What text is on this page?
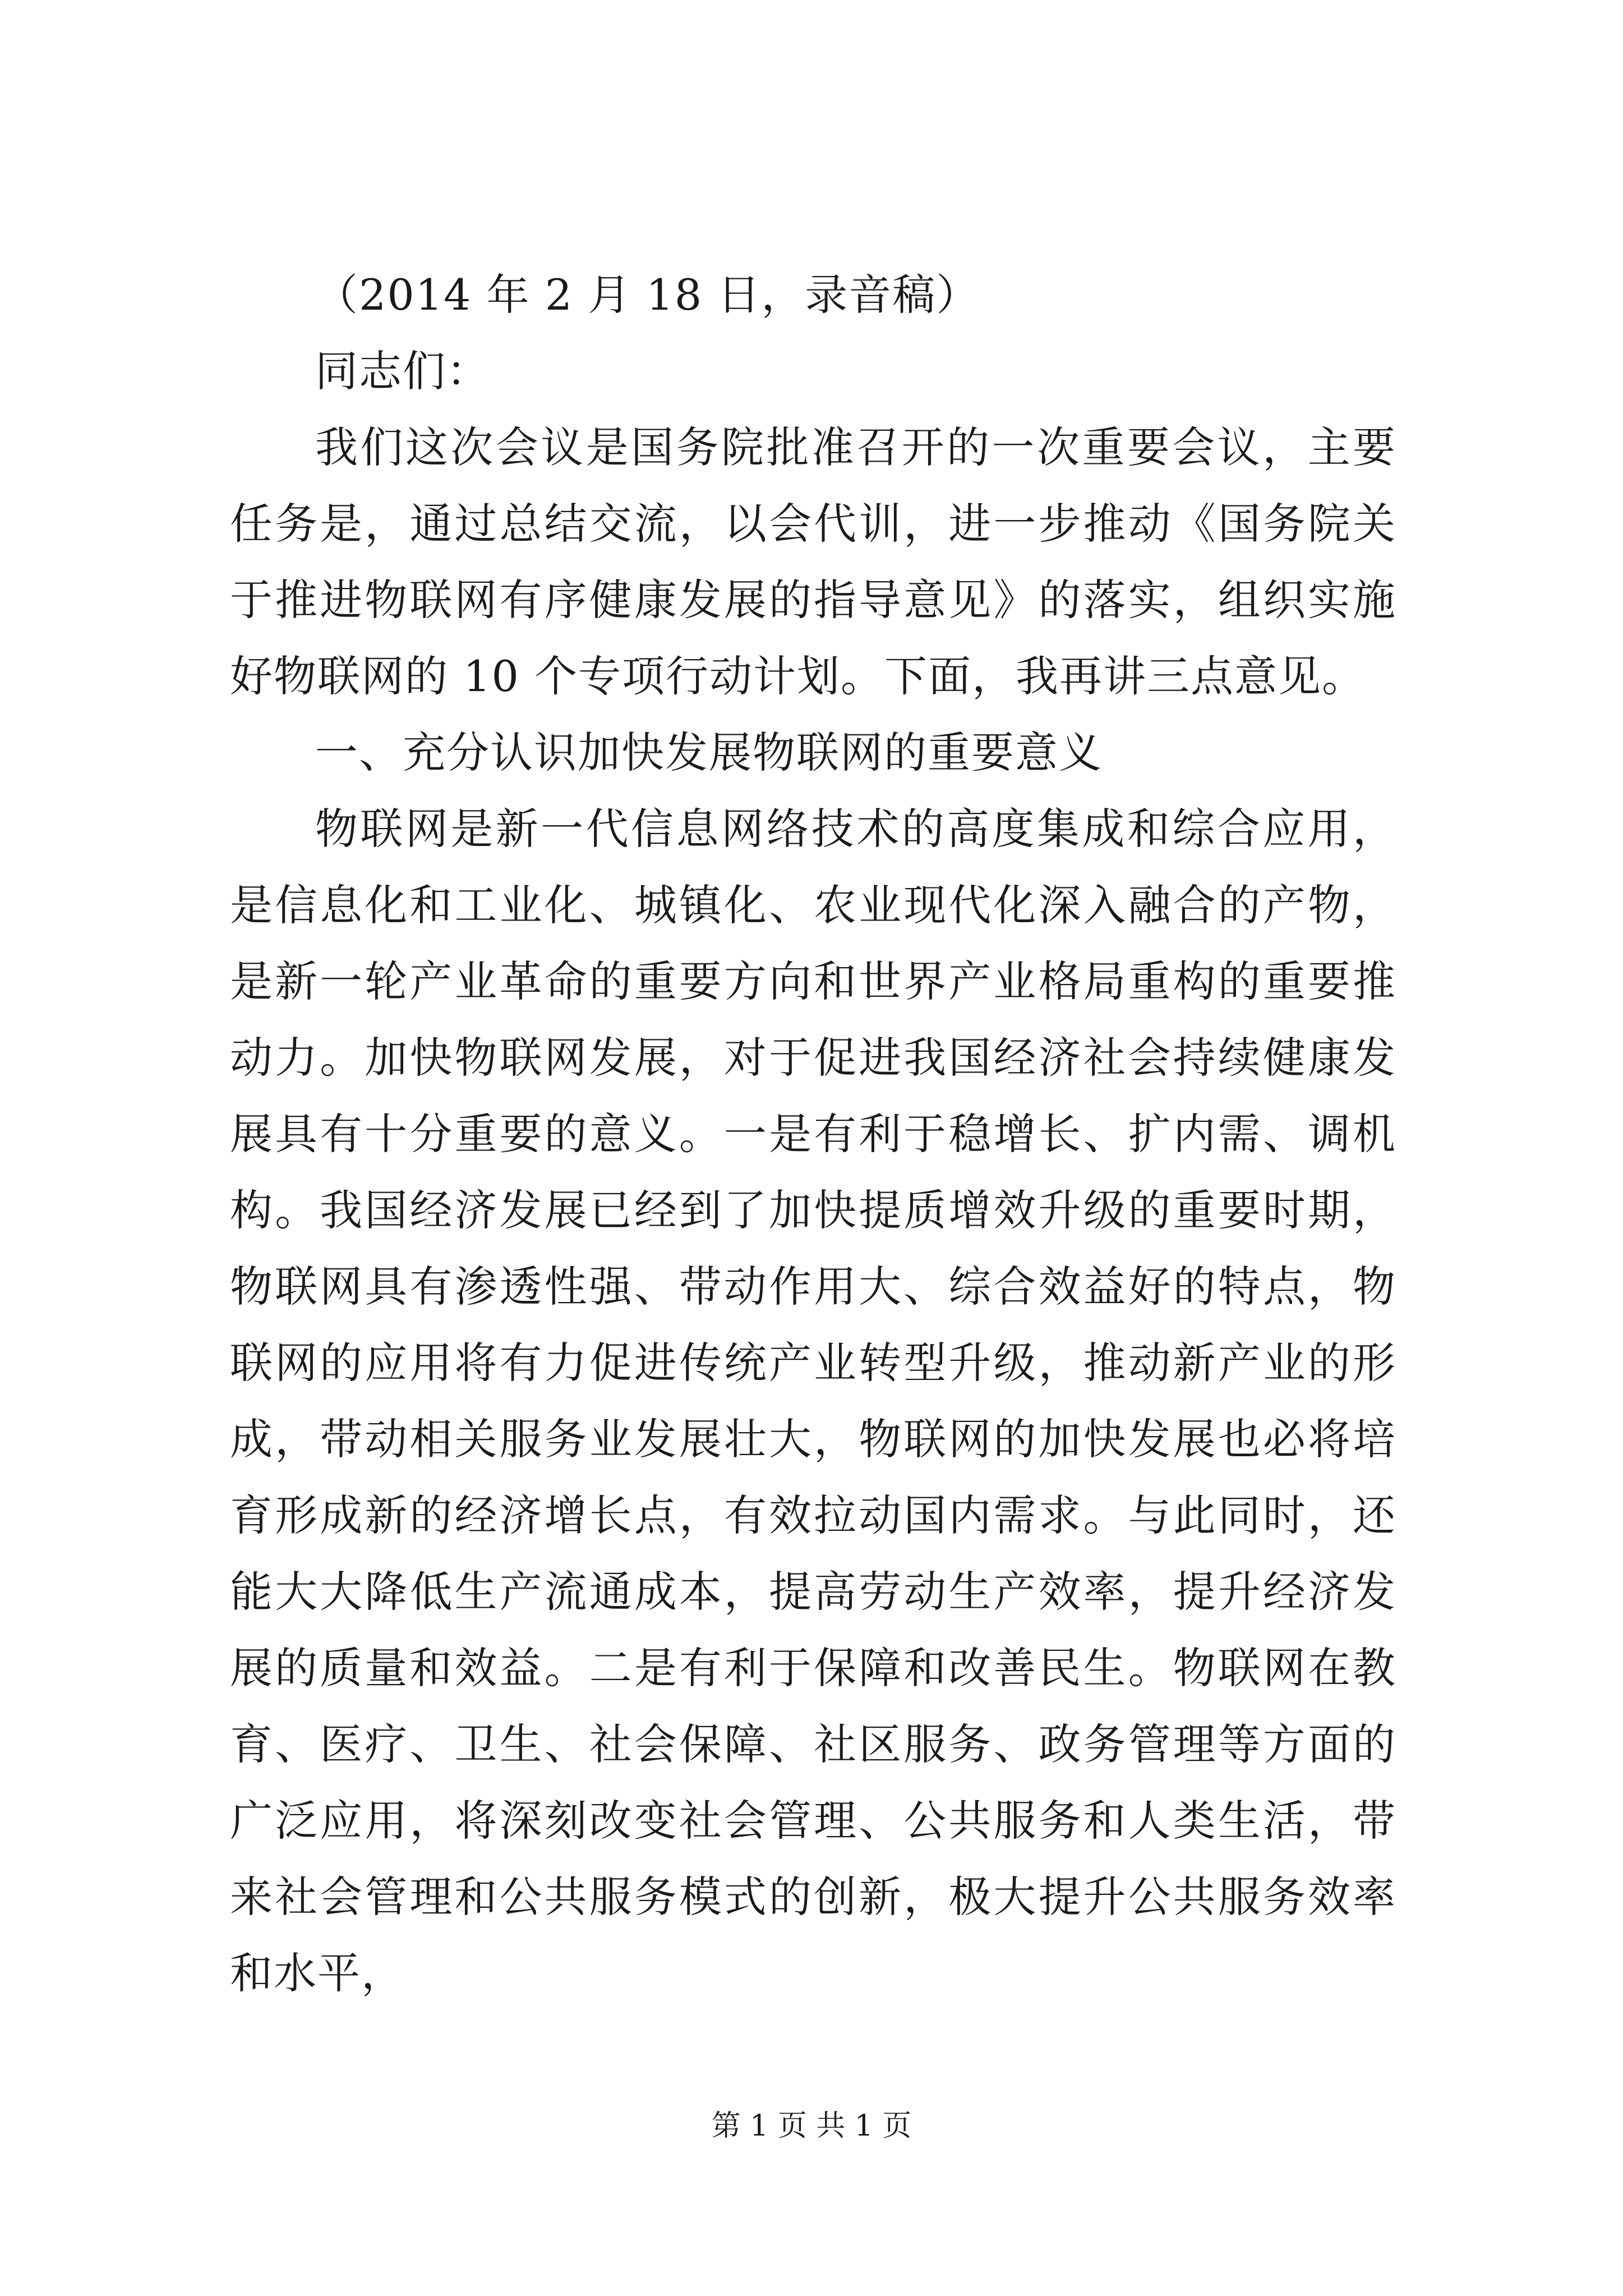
（2014 年 2 月 18 日，录音稿）

同志们：

我们这次会议是国务院批准召开的一次重要会议，主要任务是，通过总结交流，以会代训，进一步推动《国务院关于推进物联网有序健康发展的指导意见》的落实，组织实施好物联网的 10 个专项行动计划。下面，我再讲三点意见。

一、充分认识加快发展物联网的重要意义

物联网是新一代信息网络技术的高度集成和综合应用，是信息化和工业化、城镇化、农业现代化深入融合的产物，是新一轮产业革命的重要方向和世界产业格局重构的重要推动力。加快物联网发展，对于促进我国经济社会持续健康发展具有十分重要的意义。一是有利于稳增长、扩内需、调机构。我国经济发展已经到了加快提质增效升级的重要时期，物联网具有渗透性强、带动作用大、综合效益好的特点，物联网的应用将有力促进传统产业转型升级，推动新产业的形成，带动相关服务业发展壮大，物联网的加快发展也必将培育形成新的经济增长点，有效拉动国内需求。与此同时，还能大大降低生产流通成本，提高劳动生产效率，提升经济发展的质量和效益。二是有利于保障和改善民生。物联网在教育、医疗、卫生、社会保障、社区服务、政务管理等方面的广泛应用，将深刻改变社会管理、公共服务和人类生活，带来社会管理和公共服务模式的创新，极大提升公共服务效率和水平，

第 1 页 共 1 页
